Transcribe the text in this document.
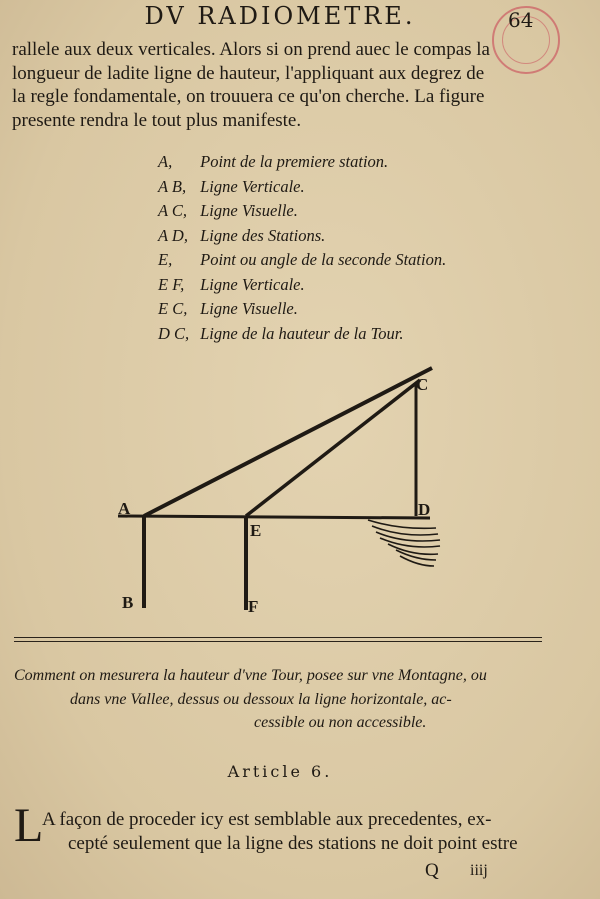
DV RADIOMETRE.	64
rallele aux deux verticales. Alors si on prend auec le compas la
longueur de ladite ligne de hauteur, l'appliquant aux degrez de
la regle fondamentale, on trouuera ce qu'on cherche. La figure
presente rendra le tout plus manifeste.
A, Point de la premiere station.
A B, Ligne Verticale.
A C, Ligne Visuelle.
A D, Ligne des Stations.
E, Point ou angle de la seconde Station.
E F, Ligne Verticale.
E C, Ligne Visuelle.
D C, Ligne de la hauteur de la Tour.
A
C
D
E
B	F
Comment on mesurera la hauteur d'vne Tour, posee sur vne Montagne, ou
dans vne Vallee, dessus ou dessoux la ligne horizontale, ac-
cessible ou non accessible.
Article 6.
L
A façon de proceder icy est semblable aux precedentes, ex-
cepté seulement que la ligne des stations ne doit point estre
Q iiij
